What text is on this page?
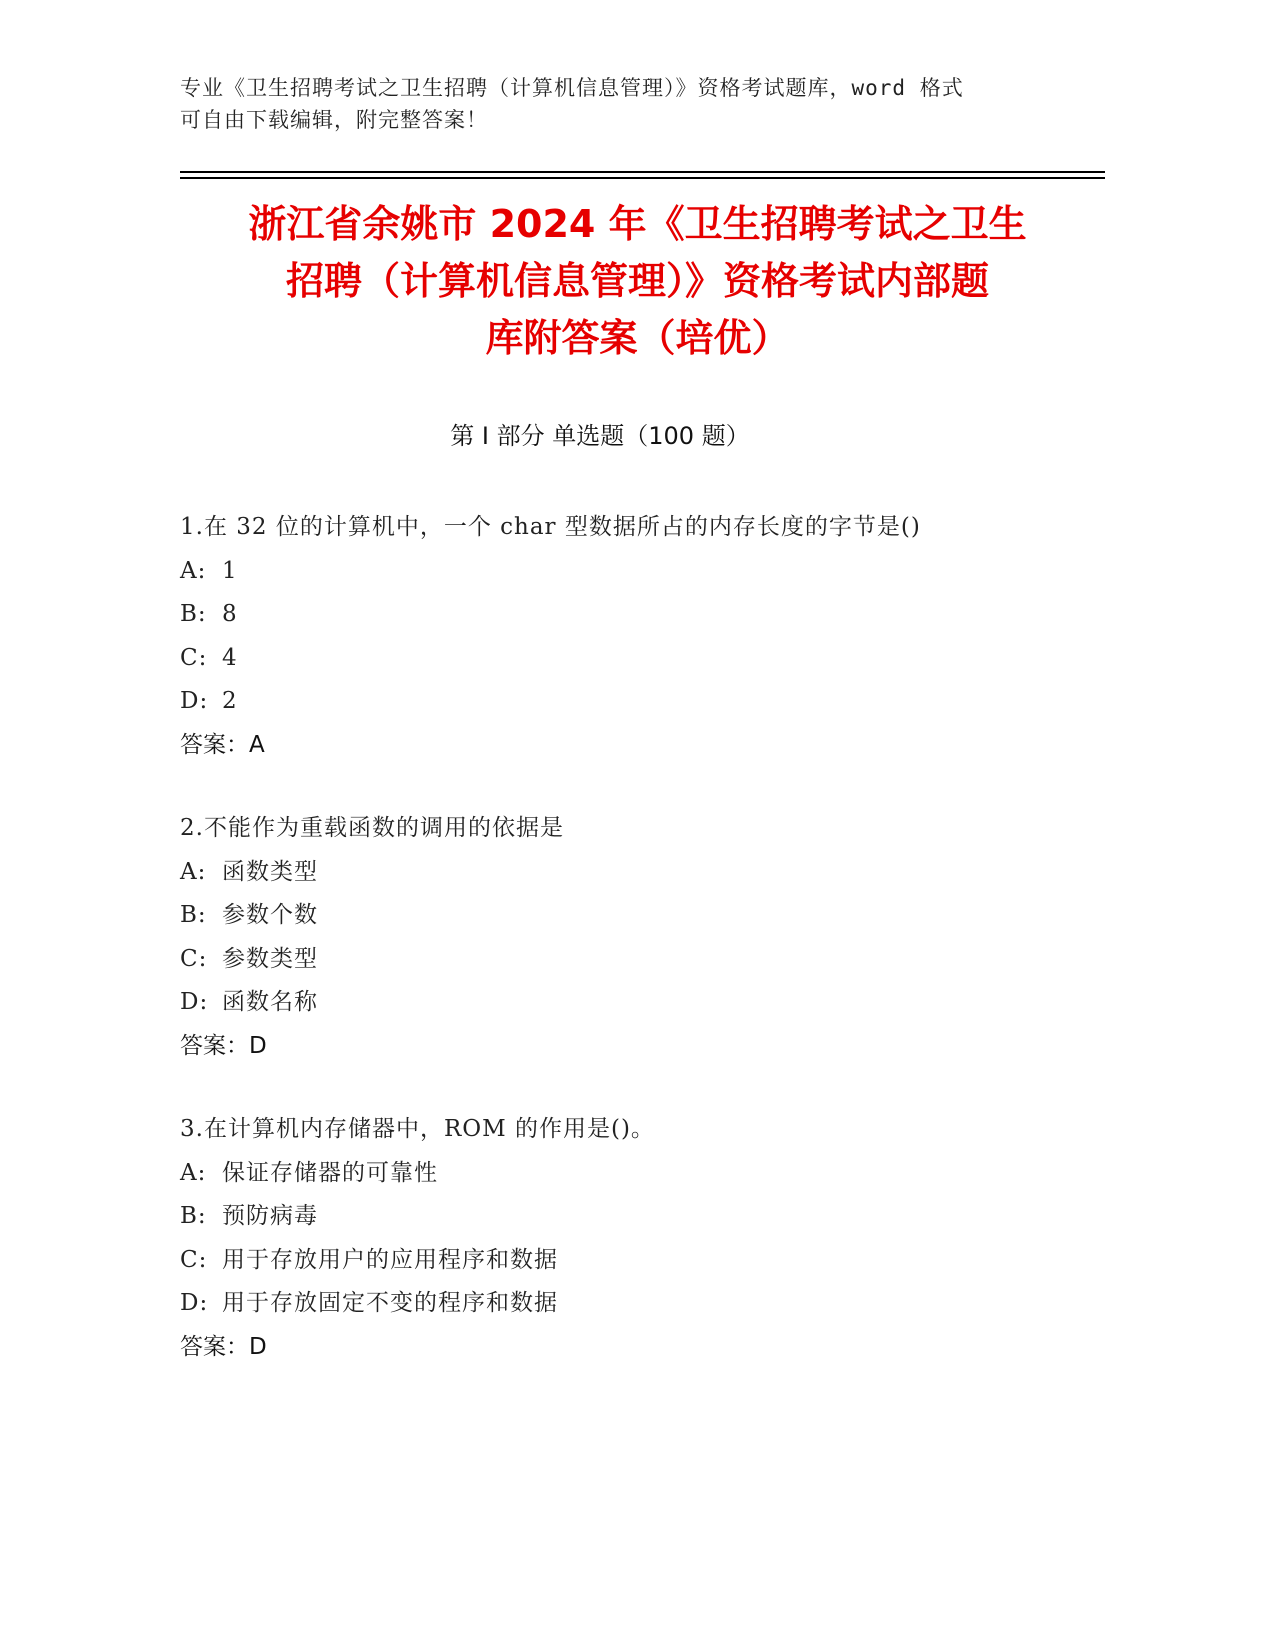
专业《卫生招聘考试之卫生招聘（计算机信息管理）》资格考试题库，word 格式
可自由下载编辑，附完整答案！
浙江省余姚市 2024 年《卫生招聘考试之卫生
招聘（计算机信息管理）》资格考试内部题
库附答案（培优）
第 I 部分 单选题（100 题）
1.在 32 位的计算机中，一个 char 型数据所占的内存长度的字节是()
A: 1
B: 8
C: 4
D: 2
答案：A
2.不能作为重载函数的调用的依据是
A: 函数类型
B: 参数个数
C: 参数类型
D: 函数名称
答案：D
3.在计算机内存储器中，ROM 的作用是()。
A: 保证存储器的可靠性
B: 预防病毒
C: 用于存放用户的应用程序和数据
D: 用于存放固定不变的程序和数据
答案：D
